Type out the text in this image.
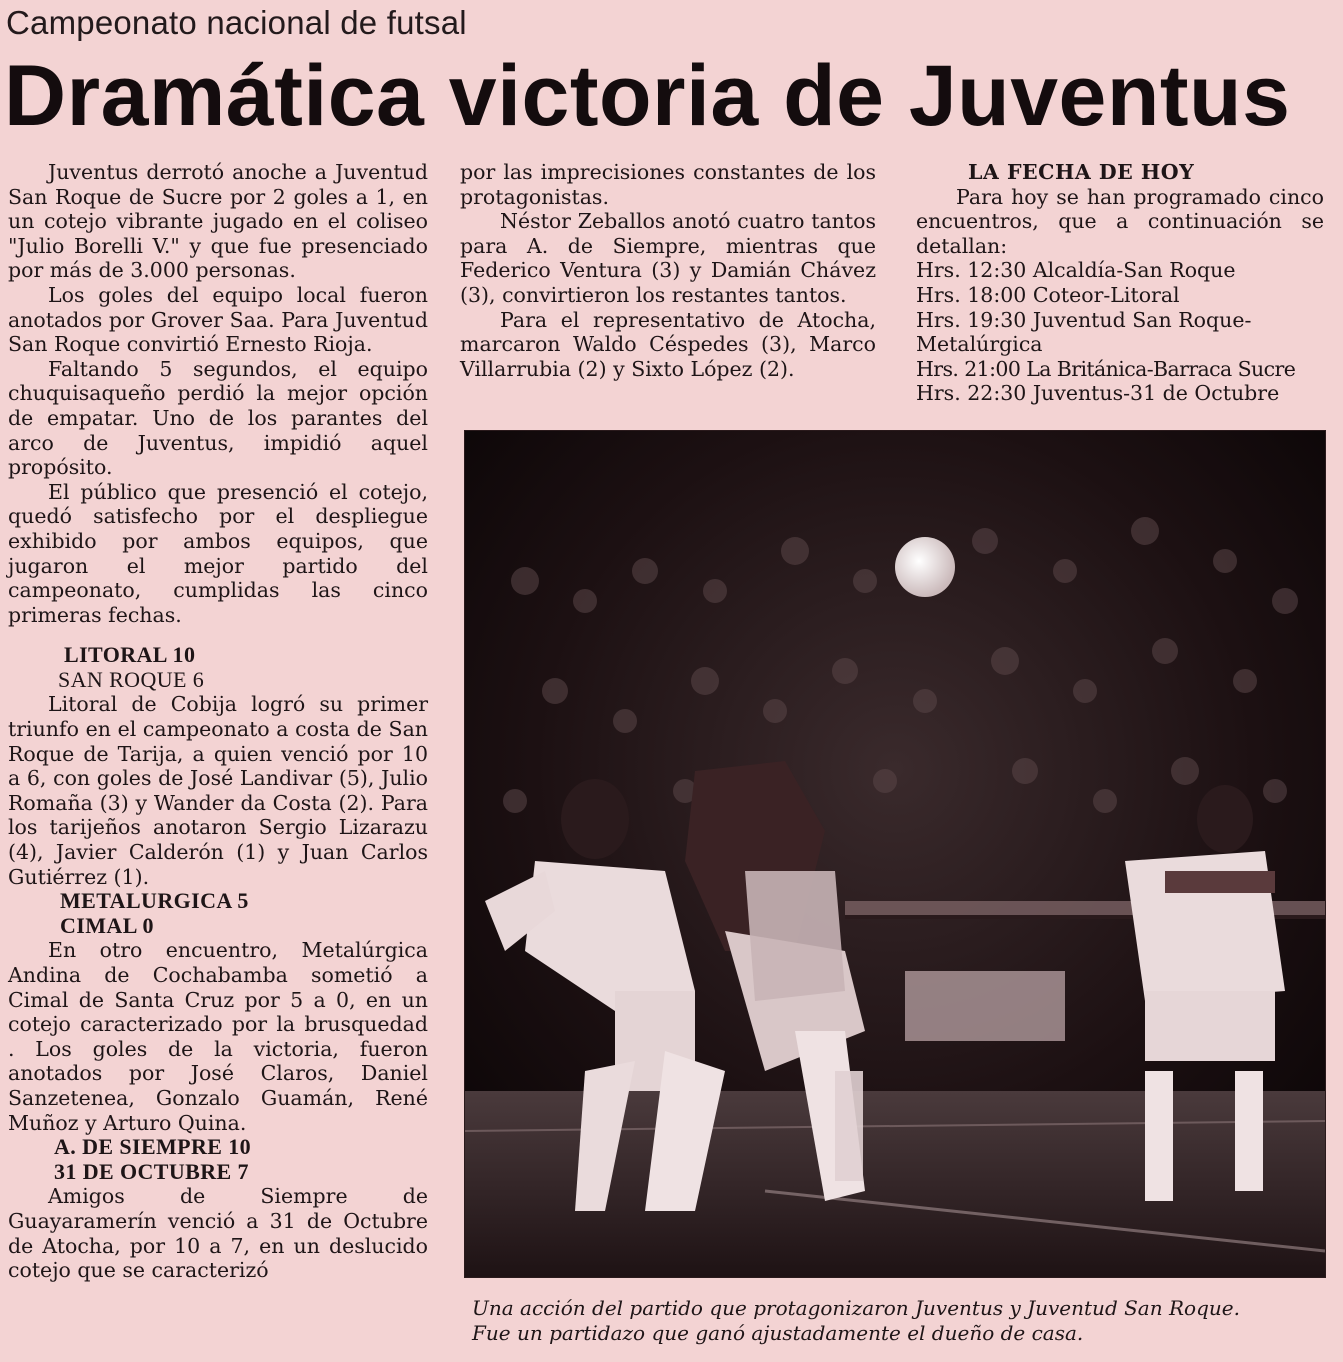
Campeonato nacional de futsal
Dramática victoria de Juventus

Juventus derrotó anoche a Juventud San Roque de Sucre por 2 goles a 1, en un cotejo vibrante jugado en el coliseo "Julio Borelli V." y que fue presenciado por más de 3.000 personas.

Los goles del equipo local fueron anotados por Grover Saa. Para Juventud San Roque convirtió Ernesto Rioja.

Faltando 5 segundos, el equipo chuquisaqueño perdió la mejor opción de empatar. Uno de los parantes del arco de Juventus, impidió aquel propósito.

El público que presenció el cotejo, quedó satisfecho por el despliegue exhibido por ambos equipos, que jugaron el mejor partido del campeonato, cumplidas las cinco primeras fechas.

LITORAL 10

SAN ROQUE 6

Litoral de Cobija logró su primer triunfo en el campeonato a costa de San Roque de Tarija, a quien venció por 10 a 6, con goles de José Landivar (5), Julio Romaña (3) y Wander da Costa (2). Para los tarijeños anotaron Sergio Lizarazu (4), Javier Calderón (1) y Juan Carlos Gutiérrez (1).

METALURGICA 5

CIMAL 0

En otro encuentro, Metalúrgica Andina de Cochabamba sometió a Cimal de Santa Cruz por 5 a 0, en un cotejo caracterizado por la brusquedad . Los goles de la victoria, fueron anotados por José Claros, Daniel Sanzetenea, Gonzalo Guamán, René Muñoz y Arturo Quina.

A. DE SIEMPRE 10

31 DE OCTUBRE 7

Amigos de Siempre de Guayaramerín venció a 31 de Octubre de Atocha, por 10 a 7, en un deslucido cotejo que se caracterizó

por las imprecisiones constantes de los protagonistas.

Néstor Zeballos anotó cuatro tantos para A. de Siempre, mientras que Federico Ventura (3) y Damián Chávez (3), convirtieron los restantes tantos.

Para el representativo de Atocha, marcaron Waldo Céspedes (3), Marco Villarrubia (2) y Sixto López (2).

LA FECHA DE HOY

Para hoy se han programado cinco encuentros, que a continuación se detallan:

Hrs. 12:30 Alcaldía-San Roque

Hrs. 18:00 Coteor-Litoral

Hrs. 19:30 Juventud San Roque-Metalúrgica

Hrs. 21:00 La Británica-Barraca Sucre

Hrs. 22:30 Juventus-31 de Octubre

Una acción del partido que protagonizaron Juventus y Juventud San Roque.
Fue un partidazo que ganó ajustadamente el dueño de casa.
